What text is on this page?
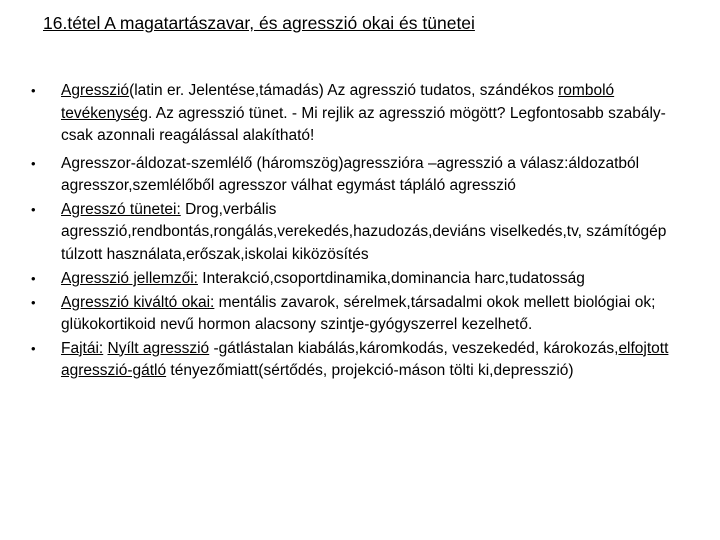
16.tétel A magatartászavar, és agresszió okai és tünetei
• Agresszió(latin er. Jelentése,támadás) Az agresszió tudatos, szándékos romboló tevékenység. Az agresszió tünet. - Mi rejlik az agresszió mögött? Legfontosabb szabály- csak azonnali reagálással alakítható!
• Agresszor-áldozat-szemlélő (háromszög)agresszióra –agresszió a válasz:áldozatból agresszor,szemlélőből agresszor válhat egymást tápláló agresszió
• Agresszó tünetei: Drog,verbális agresszió,rendbontás,rongálás,verekedés,hazudozás,deviáns viselkedés,tv, számítógép túlzott használata,erőszak,iskolai kiközösítés
• Agresszió jellemzői: Interakció,csoportdinamika,dominancia harc,tudatosság
• Agresszió kiváltó okai: mentális zavarok, sérelmek,társadalmi okok mellett biológiai ok; glükokortikoid nevű hormon alacsony szintje-gyógyszerrel kezelhető.
• Fajtái: Nyílt agresszió -gátlástalan kiabálás,káromkodás, veszekedéd, károkozás,elfojtott agresszió-gátló tényezőmiatt(sértődés, projekció-máson tölti ki,depresszió)
